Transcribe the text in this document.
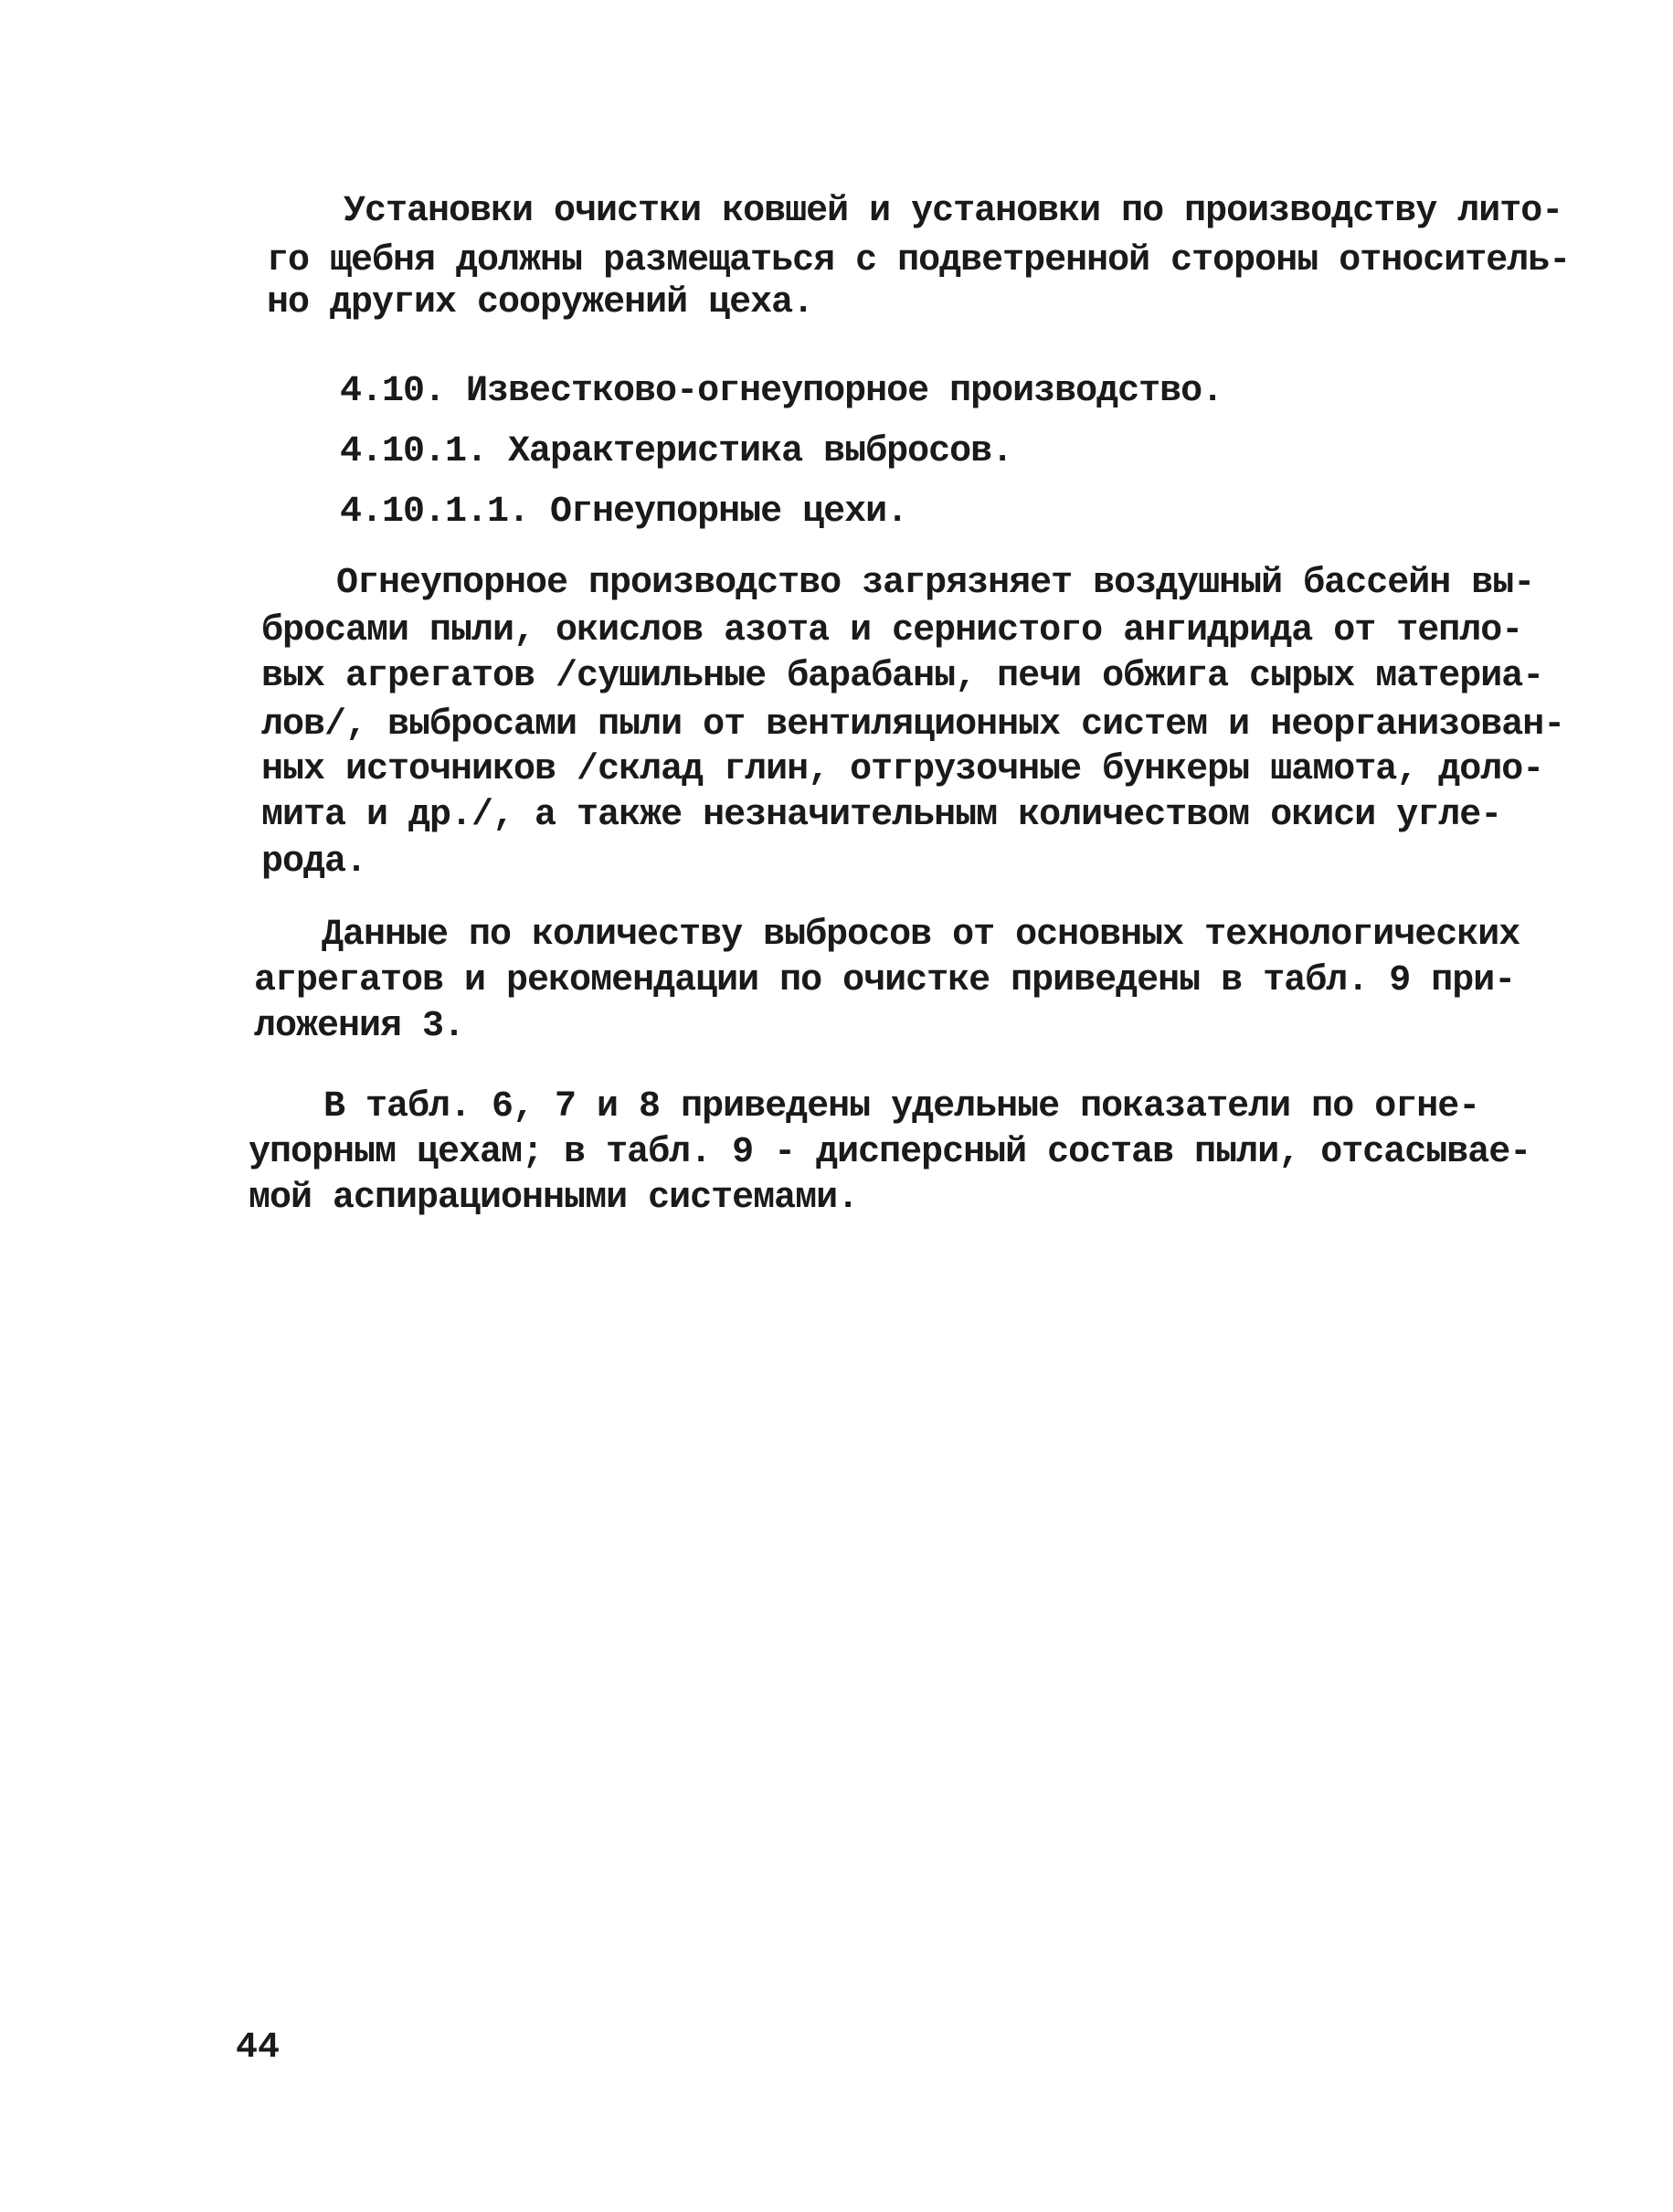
Установки очистки ковшей и установки по производству лито-
го щебня должны размещаться с подветренной стороны относитель-
но других сооружений цеха.
4.10. Известково-огнеупорное производство.
4.10.1. Характеристика выбросов.
4.10.1.1. Огнеупорные цехи.
Огнеупорное производство загрязняет воздушный бассейн вы-
бросами пыли, окислов азота и сернистого ангидрида от тепло-
вых агрегатов /сушильные барабаны, печи обжига сырых материа-
лов/, выбросами пыли от вентиляционных систем и неорганизован-
ных источников /склад глин, отгрузочные бункеры шамота, доло-
мита и др./, а также незначительным количеством окиси угле-
рода.
Данные по количеству выбросов от основных технологических
агрегатов и рекомендации по очистке приведены в табл. 9 при-
ложения 3.
В табл. 6, 7 и 8 приведены удельные показатели по огне-
упорным цехам; в табл. 9 - дисперсный состав пыли, отсасывае-
мой аспирационными системами.
44
